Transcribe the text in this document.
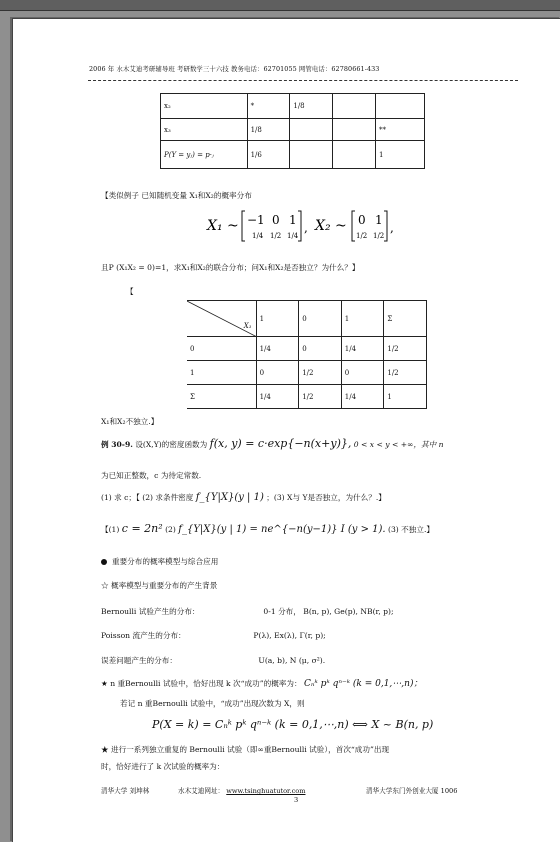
2006 年 水木艾迪考研辅导班 考研数学三十六技 教务电话：62701055 网管电话：62780661-433
x₂	*	1/8		
x₃	1/8			**
P(Y = yⱼ) = p·ⱼ	1/6			1
【类似例子 已知随机变量 X₁和X₂的概率分布
X₁ ~ −1 0 1
1/4 1/2 1/4
, X₂ ~ 0 1
1/2 1/2
,
且P (X₁X₂ = 0)=1，求X₁和X₂的联合分布；问X₁和X₂是否独立？为什么？】
【
X₁	1	0	1	Σ
0	1/4	0	1/4	1/2
1	0	1/2	0	1/2
Σ	1/4	1/2	1/4	1
X₁和X₂不独立.】
例 30-9. 设(X,Y)的密度函数为 f(x, y) = c·exp{−n(x+y)}, 0 < x < y < +∞，其中 n
为已知正整数，c 为待定常数.
(1) 求 c；【 (2) 求条件密度 f_{Y|X}(y | 1) ；(3) X与 Y是否独立，为什么？.】
【(1) c = 2n² (2) f_{Y|X}(y | 1) = ne^{−n(y−1)} I (y > 1). (3) 不独立.】
重要分布的概率模型与综合应用
☆ 概率模型与重要分布的产生背景
Bernoulli 试验产生的分布：	0-1 分布， B(n, p), Ge(p), NB(r, p);
Poisson 流产生的分布：	P(λ), Ex(λ), Γ(r, p);
误差问题产生的分布：	U(a, b), N (μ, σ²).
★ n 重Bernoulli 试验中，恰好出现 k 次“成功”的概率为： Cₙᵏ pᵏ qⁿ⁻ᵏ (k = 0,1,⋯,n)；
若记 n 重Bernoulli 试验中，“成功”出现次数为 X，则
P(X = k) = Cₙᵏ pᵏ qⁿ⁻ᵏ (k = 0,1,⋯,n) ⟺ X ~ B(n, p)
★ 进行一系列独立重复的 Bernoulli 试验（即∞重Bernoulli 试验），首次“成功”出现
时，恰好进行了 k 次试验的概率为：
清华大学 刘坤林	水木艾迪网址： www.tsinghuatutor.com	清华大学东门外创业大厦 1006
3
